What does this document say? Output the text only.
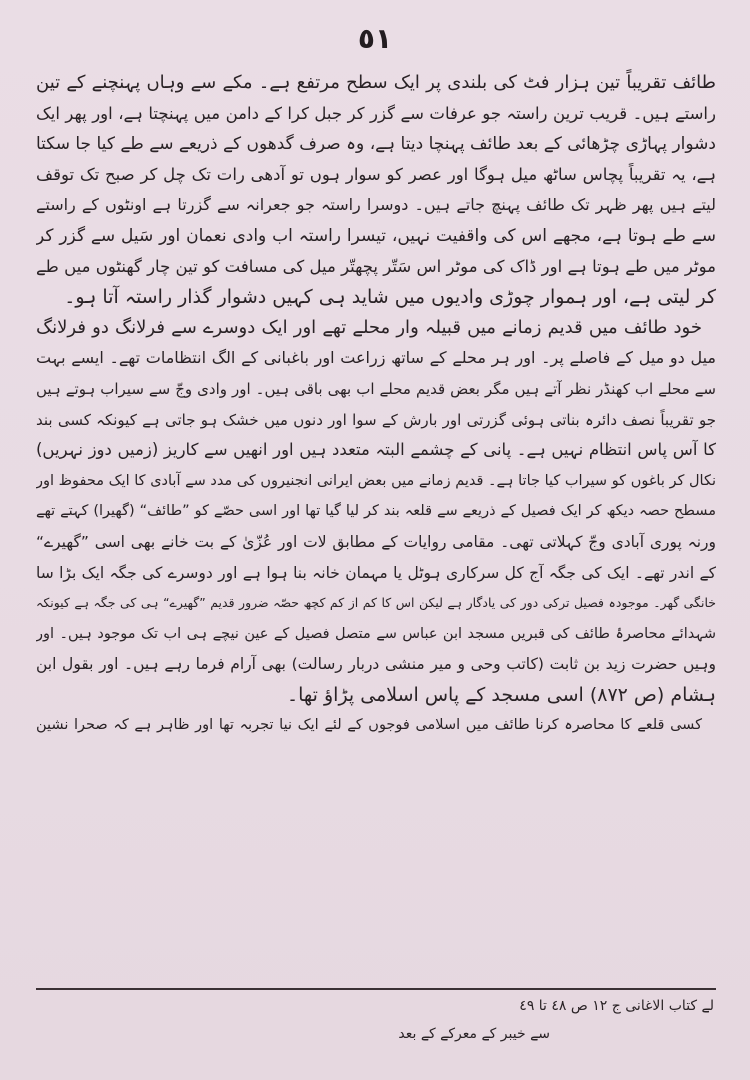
٥١
طائف تقریباً تین ہزار فٹ کی بلندی پر ایک سطح مرتفع ہے۔ مکے سے وہاں پہنچنے کے تین
راستے ہیں۔ قریب ترین راستہ جو عرفات سے گزر کر جبل کرا کے دامن میں پہنچتا ہے، اور پھر ایک
دشوار پہاڑی چڑھائی کے بعد طائف پہنچا دیتا ہے، وہ صرف گدھوں کے ذریعے سے طے کیا جا سکتا
ہے، یہ تقریباً پچاس ساٹھ میل ہوگا اور عصر کو سوار ہوں تو آدھی رات تک چل کر صبح تک توقف
لیتے ہیں پھر ظہر تک طائف پہنچ جاتے ہیں۔ دوسرا راستہ جو جعرانہ سے گزرتا ہے اونٹوں کے راستے
سے طے ہوتا ہے، مجھے اس کی واقفیت نہیں، تیسرا راستہ اب وادی نعمان اور سَیل سے گزر کر
موٹر میں طے ہوتا ہے اور ڈاک کی موٹر اس سَتّر پچھتّر میل کی مسافت کو تین چار گھنٹوں میں طے
کر لیتی ہے، اور ہموار چوڑی وادیوں میں شاید ہی کہیں دشوار گذار راستہ آتا ہو۔
خود طائف میں قدیم زمانے میں قبیلہ وار محلے تھے اور ایک دوسرے سے فرلانگ دو فرلانگ
میل دو میل کے فاصلے پر۔ اور ہر محلے کے ساتھ زراعت اور باغبانی کے الگ انتظامات تھے۔ ایسے بہت
سے محلے اب کھنڈر نظر آتے ہیں مگر بعض قدیم محلے اب بھی باقی ہیں۔ اور وادی وجّ سے سیراب ہوتے ہیں
جو تقریباً نصف دائرہ بناتی ہوئی گزرتی اور بارش کے سوا اور دنوں میں خشک ہو جاتی ہے کیونکہ کسی بند
کا آس پاس انتظام نہیں ہے۔ پانی کے چشمے البتہ متعدد ہیں اور انھیں سے کاریز (زمیں دوز نہریں)
نکال کر باغوں کو سیراب کیا جاتا ہے۔ قدیم زمانے میں بعض ایرانی انجنیروں کی مدد سے آبادی کا ایک محفوظ اور
مسطح حصہ دیکھ کر ایک فصیل کے ذریعے سے قلعہ بند کر لیا گیا تھا اور اسی حصّے کو ”طائف“ (گھیرا) کہتے تھے
ورنہ پوری آبادی وجّ کہلاتی تھی۔ مقامی روایات کے مطابق لات اور عُزّیٰ کے بت خانے بھی اسی ”گھیرے“
کے اندر تھے۔ ایک کی جگہ آج کل سرکاری ہوٹل یا مہمان خانہ بنا ہوا ہے اور دوسرے کی جگہ ایک بڑا سا
خانگی گھر۔ موجودہ فصیل ترکی دور کی یادگار ہے لیکن اس کا کم از کم کچھ حصّہ ضرور قدیم ”گھیرے“ ہی کی جگہ ہے کیونکہ
شہدائے محاصرۂ طائف کی قبریں مسجد ابن عباس سے متصل فصیل کے عین نیچے ہی اب تک موجود ہیں۔ اور
وہیں حضرت زید بن ثابت (کاتب وحی و میر منشی دربار رسالت) بھی آرام فرما رہے ہیں۔ اور بقول ابن
ہشام (ص ٨٧٢) اسی مسجد کے پاس اسلامی پڑاؤ تھا۔
کسی قلعے کا محاصرہ کرنا طائف میں اسلامی فوجوں کے لئے ایک نیا تجربہ تھا اور ظاہر ہے کہ صحرا نشین
لے کتاب الاغانی ج ١٢ ص ٤٨ تا ٤٩
سے خیبر کے معرکے کے بعد
